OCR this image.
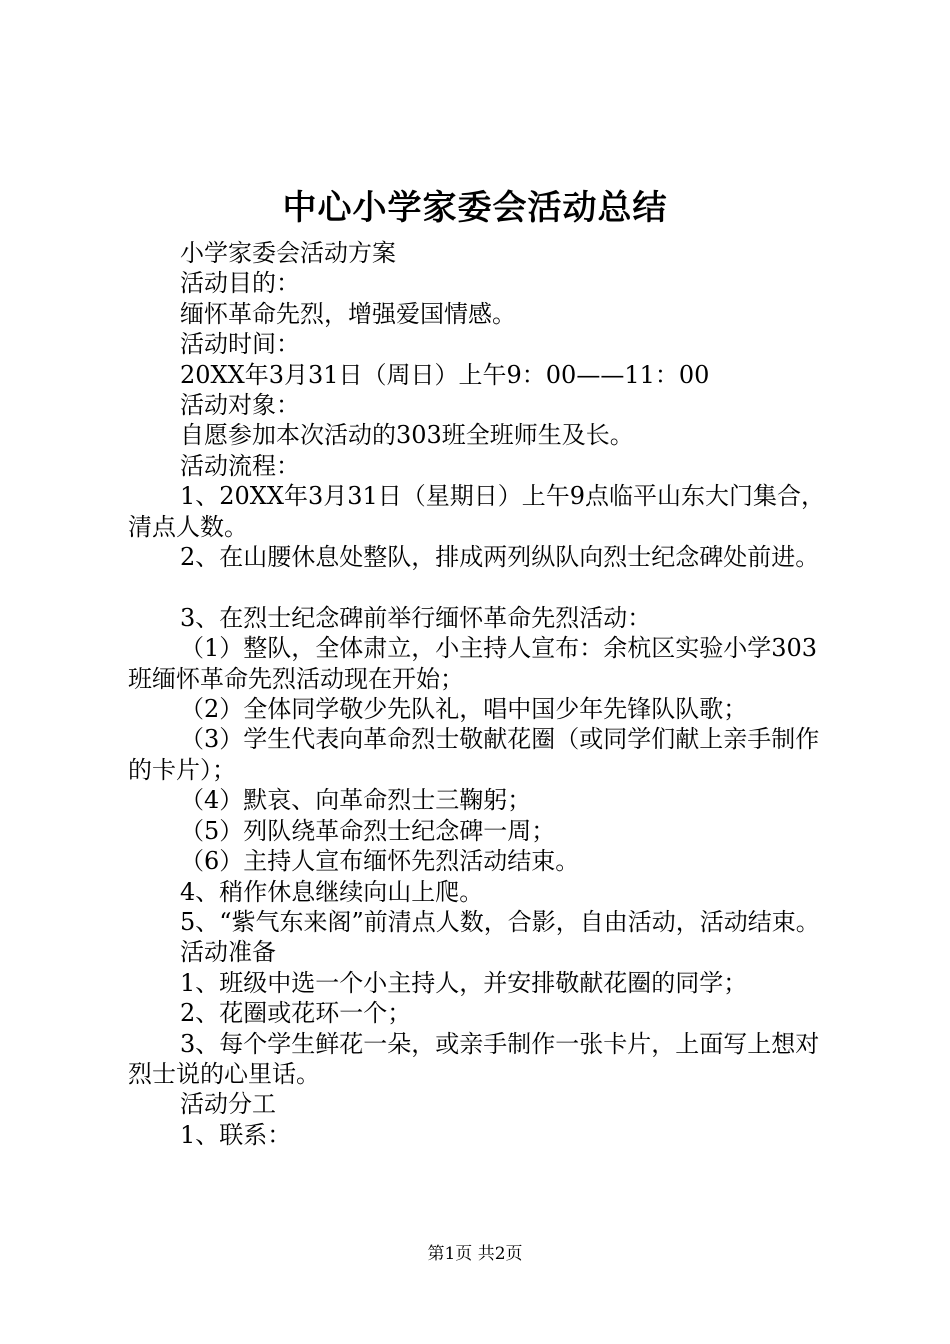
中心小学家委会活动总结

小学家委会活动方案

活动目的：

缅怀革命先烈，增强爱国情感。

活动时间：

20XX年3月31日（周日）上午9：00——11：00

活动对象：

自愿参加本次活动的303班全班师生及长。

活动流程：

1、20XX年3月31日（星期日）上午9点临平山东大门集合，清点人数。

2、在山腰休息处整队，排成两列纵队向烈士纪念碑处前进。

3、在烈士纪念碑前举行缅怀革命先烈活动：

（1）整队，全体肃立，小主持人宣布：余杭区实验小学303班缅怀革命先烈活动现在开始；

（2）全体同学敬少先队礼，唱中国少年先锋队队歌；

（3）学生代表向革命烈士敬献花圈（或同学们献上亲手制作的卡片）；

（4）默哀、向革命烈士三鞠躬；

（5）列队绕革命烈士纪念碑一周；

（6）主持人宣布缅怀先烈活动结束。

4、稍作休息继续向山上爬。

5、“紫气东来阁”前清点人数，合影，自由活动，活动结束。

活动准备

1、班级中选一个小主持人，并安排敬献花圈的同学；

2、花圈或花环一个；

3、每个学生鲜花一朵，或亲手制作一张卡片，上面写上想对烈士说的心里话。

活动分工

1、联系：

第1页 共2页
